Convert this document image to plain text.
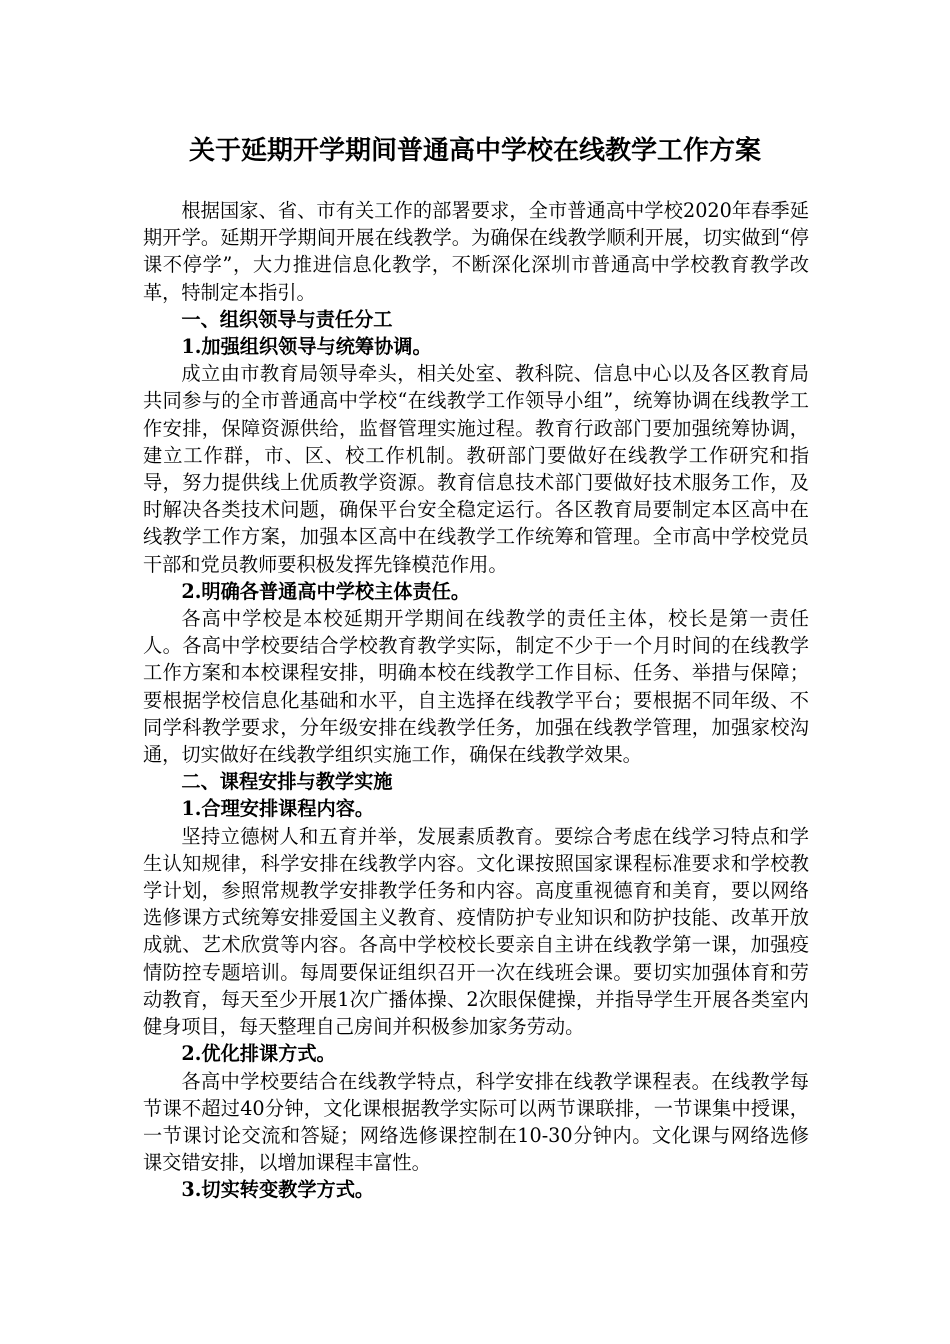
关于延期开学期间普通高中学校在线教学工作方案

根据国家、省、市有关工作的部署要求，全市普通高中学校2020年春季延期开学。延期开学期间开展在线教学。为确保在线教学顺利开展，切实做到“停课不停学”，大力推进信息化教学，不断深化深圳市普通高中学校教育教学改革，特制定本指引。

一、组织领导与责任分工

1.加强组织领导与统筹协调。

成立由市教育局领导牵头，相关处室、教科院、信息中心以及各区教育局共同参与的全市普通高中学校“在线教学工作领导小组”，统筹协调在线教学工作安排，保障资源供给，监督管理实施过程。教育行政部门要加强统筹协调，建立工作群，市、区、校工作机制。教研部门要做好在线教学工作研究和指导，努力提供线上优质教学资源。教育信息技术部门要做好技术服务工作，及时解决各类技术问题，确保平台安全稳定运行。各区教育局要制定本区高中在线教学工作方案，加强本区高中在线教学工作统筹和管理。全市高中学校党员干部和党员教师要积极发挥先锋模范作用。

2.明确各普通高中学校主体责任。

各高中学校是本校延期开学期间在线教学的责任主体，校长是第一责任人。各高中学校要结合学校教育教学实际，制定不少于一个月时间的在线教学工作方案和本校课程安排，明确本校在线教学工作目标、任务、举措与保障；要根据学校信息化基础和水平，自主选择在线教学平台；要根据不同年级、不同学科教学要求，分年级安排在线教学任务，加强在线教学管理，加强家校沟通，切实做好在线教学组织实施工作，确保在线教学效果。

二、课程安排与教学实施

1.合理安排课程内容。

坚持立德树人和五育并举，发展素质教育。要综合考虑在线学习特点和学生认知规律，科学安排在线教学内容。文化课按照国家课程标准要求和学校教学计划，参照常规教学安排教学任务和内容。高度重视德育和美育，要以网络选修课方式统筹安排爱国主义教育、疫情防护专业知识和防护技能、改革开放成就、艺术欣赏等内容。各高中学校校长要亲自主讲在线教学第一课，加强疫情防控专题培训。每周要保证组织召开一次在线班会课。要切实加强体育和劳动教育，每天至少开展1次广播体操、2次眼保健操，并指导学生开展各类室内健身项目，每天整理自己房间并积极参加家务劳动。

2.优化排课方式。

各高中学校要结合在线教学特点，科学安排在线教学课程表。在线教学每节课不超过40分钟，文化课根据教学实际可以两节课联排，一节课集中授课，一节课讨论交流和答疑；网络选修课控制在10-30分钟内。文化课与网络选修课交错安排，以增加课程丰富性。

3.切实转变教学方式。
